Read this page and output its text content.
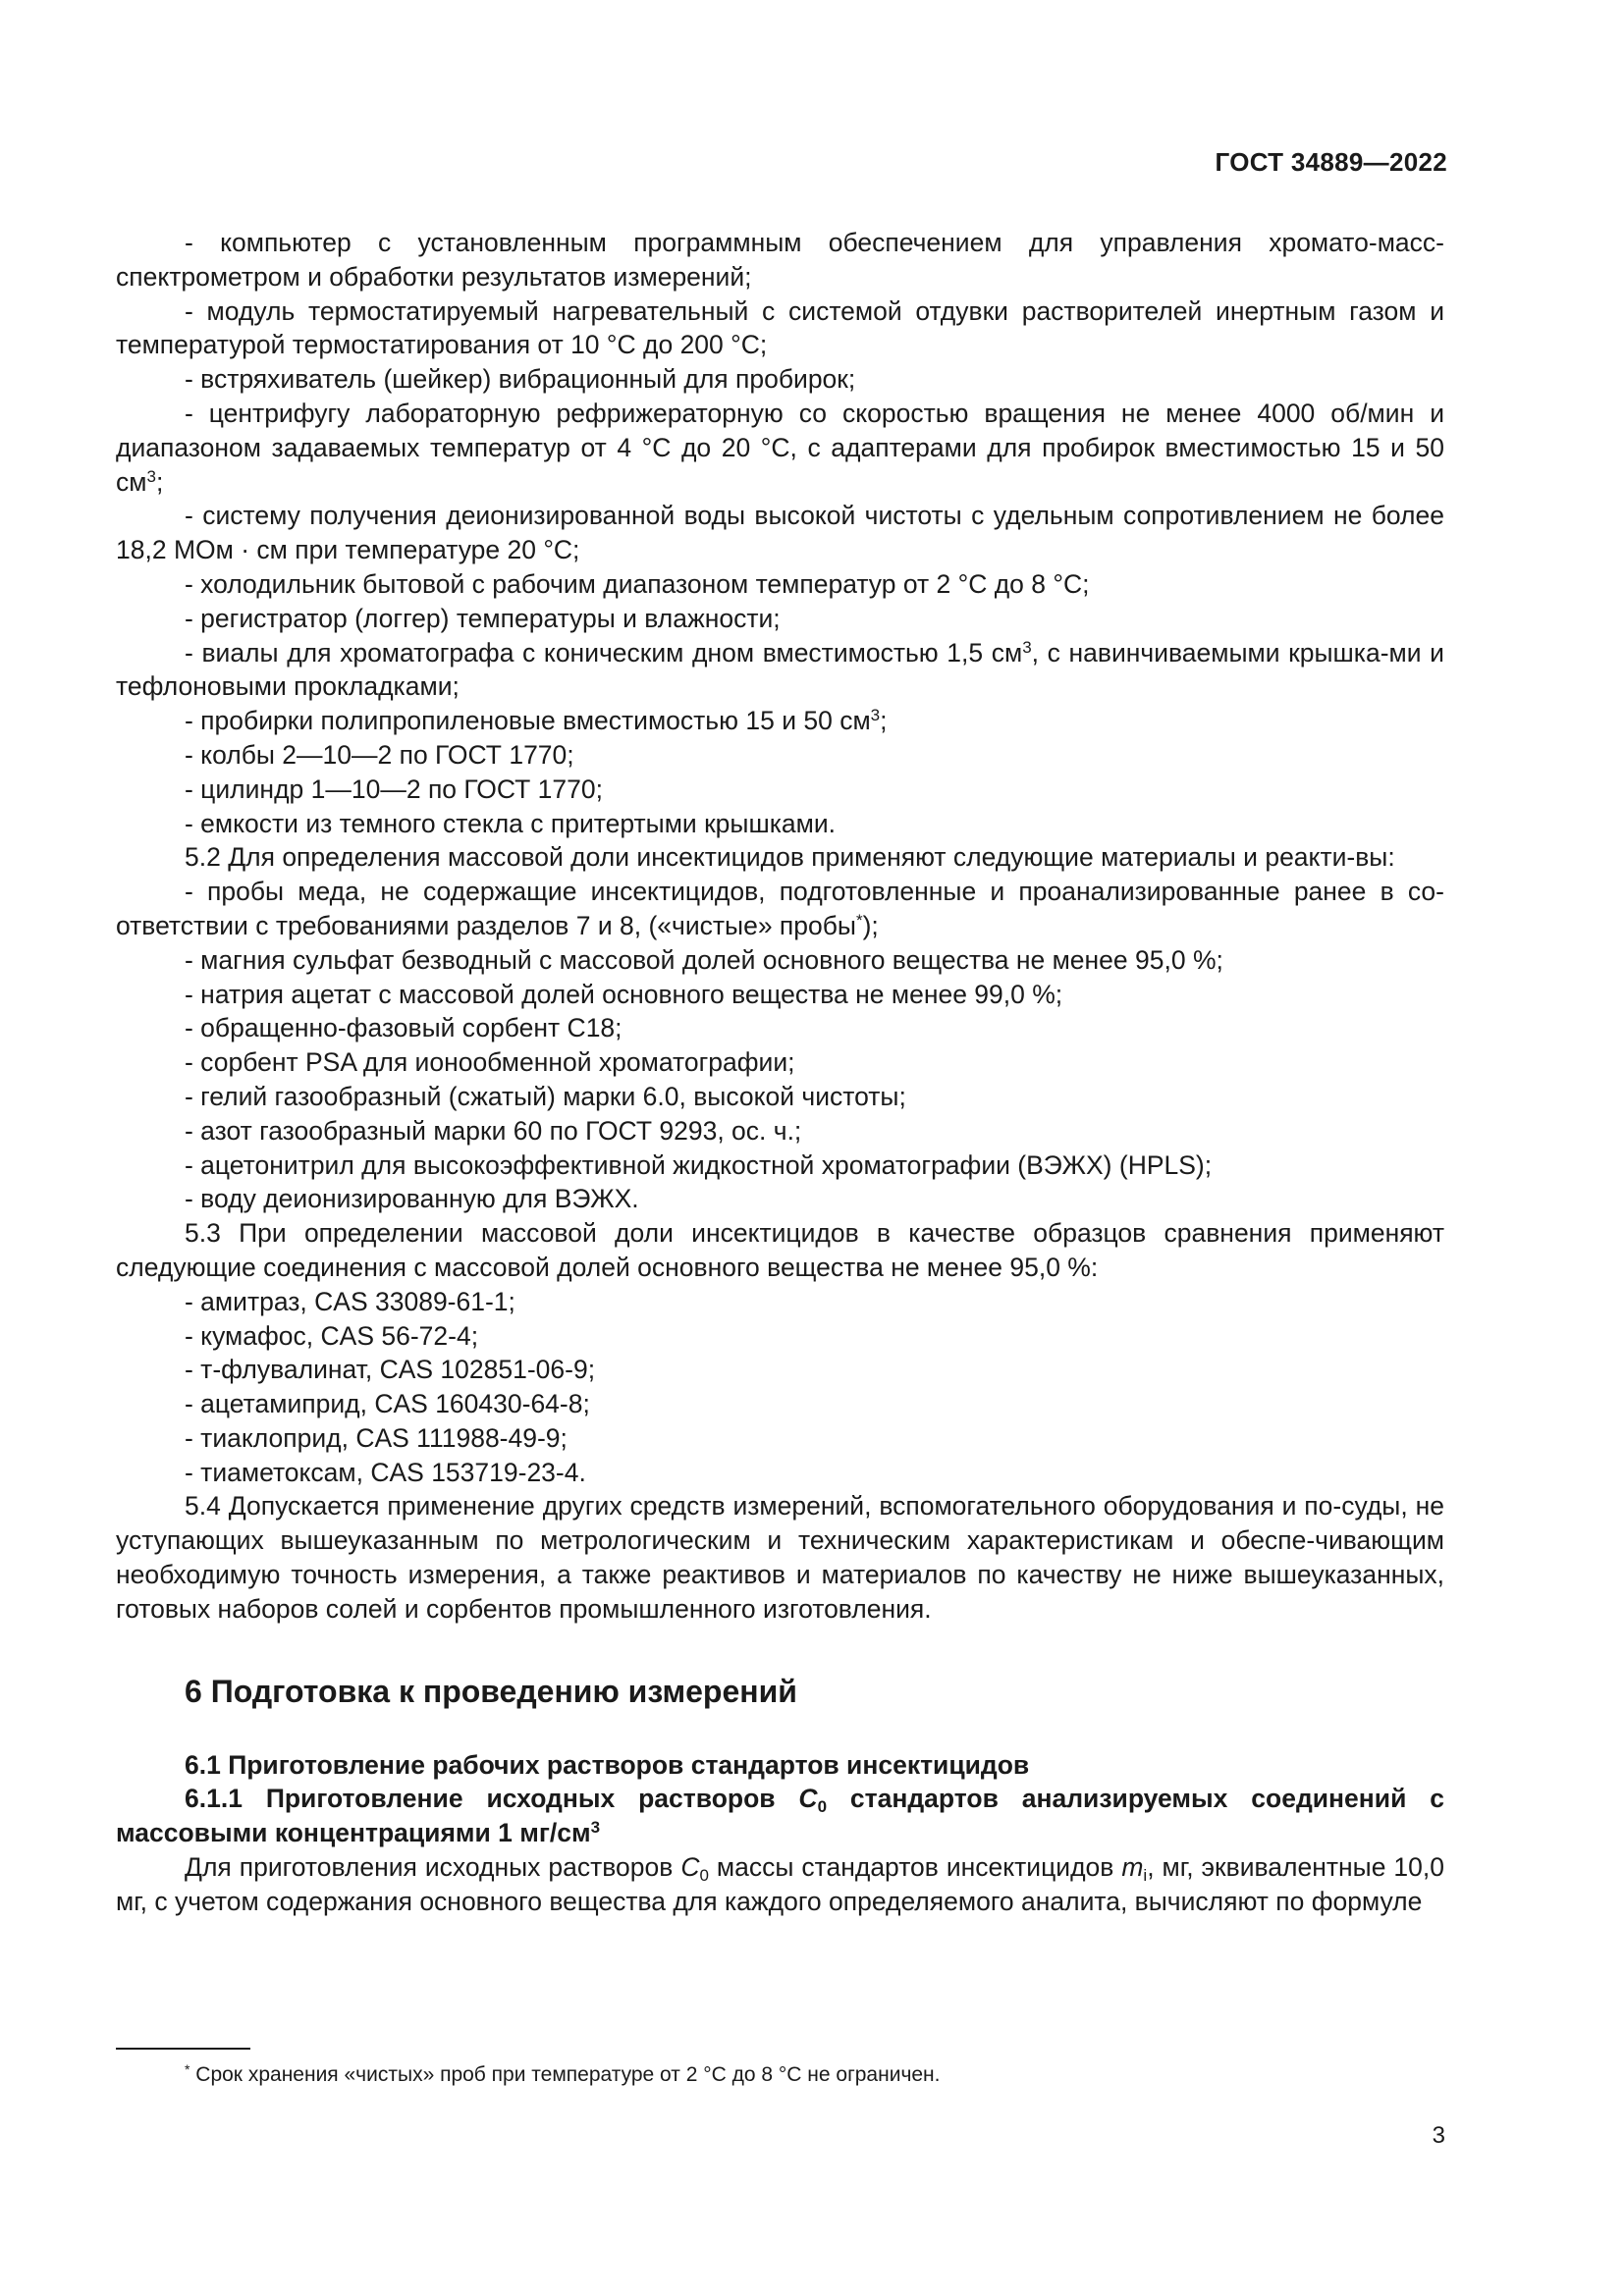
ГОСТ 34889—2022

- компьютер с установленным программным обеспечением для управления хромато-масс-спектрометром и обработки результатов измерений;

- модуль термостатируемый нагревательный с системой отдувки растворителей инертным газом и температурой термостатирования от 10 °С до 200 °С;

- встряхиватель (шейкер) вибрационный для пробирок;

- центрифугу лабораторную рефрижераторную со скоростью вращения не менее 4000 об/мин и диапазоном задаваемых температур от 4 °С до 20 °С, с адаптерами для пробирок вместимостью 15 и 50 $см^3$;

- систему получения деионизированной воды высокой чистоты с удельным сопротивлением не более 18,2 МОм · см при температуре 20 °С;

- холодильник бытовой с рабочим диапазоном температур от 2 °С до 8 °С;

- регистратор (логгер) температуры и влажности;

- виалы для хроматографа с коническим дном вместимостью 1,5 $см^3$, с навинчиваемыми крышка-ми и тефлоновыми прокладками;

- пробирки полипропиленовые вместимостью 15 и 50 $см^3$;

- колбы 2—10—2 по ГОСТ 1770;

- цилиндр 1—10—2 по ГОСТ 1770;

- емкости из темного стекла с притертыми крышками.

5.2 Для определения массовой доли инсектицидов применяют следующие материалы и реакти-вы:

- пробы меда, не содержащие инсектицидов, подготовленные и проанализированные ранее в со-ответствии с требованиями разделов 7 и 8, («чистые» пробы*);

- магния сульфат безводный с массовой долей основного вещества не менее 95,0 %;

- натрия ацетат с массовой долей основного вещества не менее 99,0 %;

- обращенно-фазовый сорбент С18;

- сорбент PSA для ионообменной хроматографии;

- гелий газообразный (сжатый) марки 6.0, высокой чистоты;

- азот газообразный марки 60 по ГОСТ 9293, ос. ч.;

- ацетонитрил для высокоэффективной жидкостной хроматографии (ВЭЖХ) (HPLS);

- воду деионизированную для ВЭЖХ.

5.3 При определении массовой доли инсектицидов в качестве образцов сравнения применяют следующие соединения с массовой долей основного вещества не менее 95,0 %:

- амитраз, CAS 33089-61-1;

- кумафос, CAS 56-72-4;

- т-флувалинат, CAS 102851-06-9;

- ацетамиприд, CAS 160430-64-8;

- тиаклоприд, CAS 111988-49-9;

- тиаметоксам, CAS 153719-23-4.

5.4 Допускается применение других средств измерений, вспомогательного оборудования и по-суды, не уступающих вышеуказанным по метрологическим и техническим характеристикам и обеспе-чивающим необходимую точность измерения, а также реактивов и материалов по качеству не ниже вышеуказанных, готовых наборов солей и сорбентов промышленного изготовления.

6 Подготовка к проведению измерений
6.1 Приготовление рабочих растворов стандартов инсектицидов

6.1.1 Приготовление исходных растворов $C_0$ стандартов анализируемых соединений с массовыми концентрациями 1 $мг/см^3$

Для приготовления исходных растворов $C_0$ массы стандартов инсектицидов $m_i$, мг, эквивалентные 10,0 мг, с учетом содержания основного вещества для каждого определяемого аналита, вычисляют по формуле

* Срок хранения «чистых» проб при температуре от 2 °С до 8 °С не ограничен.
3
